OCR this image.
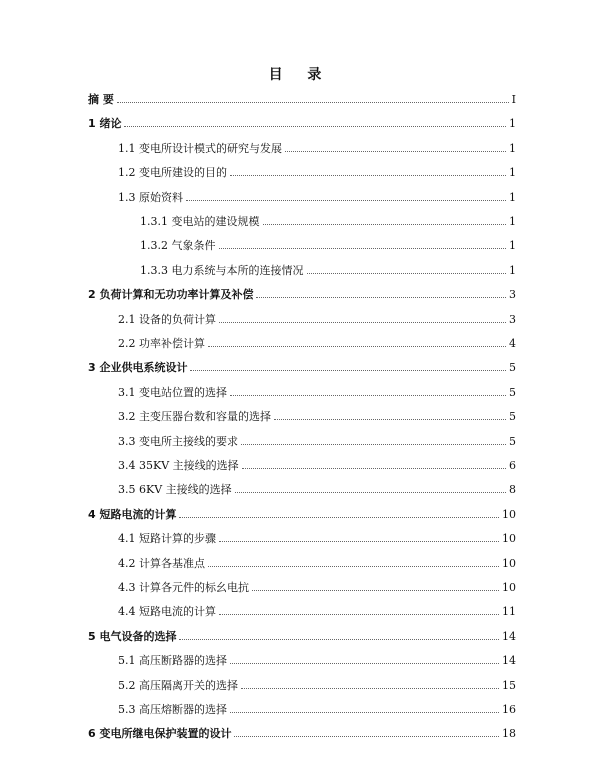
目 录
摘 要	I
1 绪论	1
1.1 变电所设计模式的研究与发展	1
1.2 变电所建设的目的	1
1.3 原始资料	1
1.3.1 变电站的建设规模	1
1.3.2 气象条件	1
1.3.3 电力系统与本所的连接情况	1
2 负荷计算和无功功率计算及补偿	3
2.1 设备的负荷计算	3
2.2 功率补偿计算	4
3 企业供电系统设计	5
3.1 变电站位置的选择	5
3.2 主变压器台数和容量的选择	5
3.3 变电所主接线的要求	5
3.4 35KV 主接线的选择	6
3.5 6KV 主接线的选择	8
4 短路电流的计算	10
4.1 短路计算的步骤	10
4.2 计算各基准点	10
4.3 计算各元件的标幺电抗	10
4.4 短路电流的计算	11
5 电气设备的选择	14
5.1 高压断路器的选择	14
5.2 高压隔离开关的选择	15
5.3 高压熔断器的选择	16
6 变电所继电保护装置的设计	18
